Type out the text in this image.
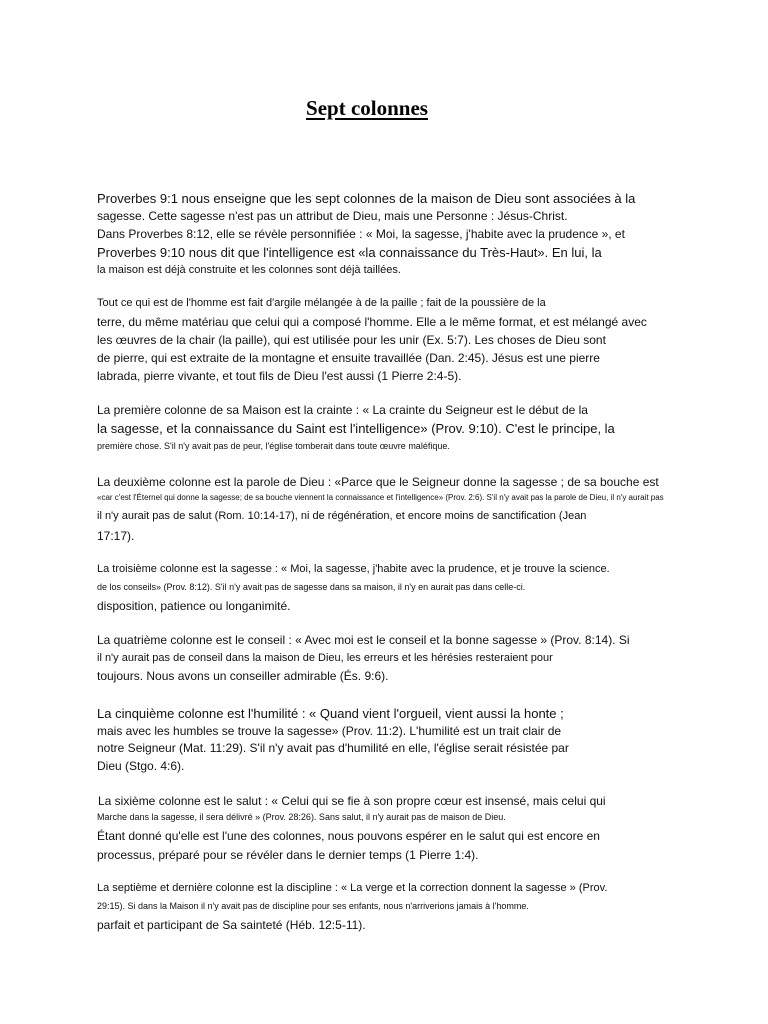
Sept colonnes
Proverbes 9:1 nous enseigne que les sept colonnes de la maison de Dieu sont associées à la
sagesse. Cette sagesse n'est pas un attribut de Dieu, mais une Personne : Jésus-Christ.
Dans Proverbes 8:12, elle se révèle personnifiée : « Moi, la sagesse, j'habite avec la prudence », et
Proverbes 9:10 nous dit que l'intelligence est «la connaissance du Très-Haut». En lui, la
la maison est déjà construite et les colonnes sont déjà taillées.
Tout ce qui est de l'homme est fait d'argile mélangée à de la paille ; fait de la poussière de la
terre, du même matériau que celui qui a composé l'homme. Elle a le même format, et est mélangé avec
les œuvres de la chair (la paille), qui est utilisée pour les unir (Ex. 5:7). Les choses de Dieu sont
de pierre, qui est extraite de la montagne et ensuite travaillée (Dan. 2:45). Jésus est une pierre
labrada, pierre vivante, et tout fils de Dieu l'est aussi (1 Pierre 2:4-5).
La première colonne de sa Maison est la crainte : « La crainte du Seigneur est le début de la
la sagesse, et la connaissance du Saint est l'intelligence» (Prov. 9:10). C'est le principe, la
première chose. S'il n'y avait pas de peur, l'église tomberait dans toute œuvre maléfique.
La deuxième colonne est la parole de Dieu : «Parce que le Seigneur donne la sagesse ; de sa bouche est
«car c'est l'Éternel qui donne la sagesse; de sa bouche viennent la connaissance et l'intelligence» (Prov. 2:6). S'il n'y avait pas la parole de Dieu, il n'y aurait pas
il n'y aurait pas de salut (Rom. 10:14-17), ni de régénération, et encore moins de sanctification (Jean
17:17).
La troisième colonne est la sagesse : « Moi, la sagesse, j'habite avec la prudence, et je trouve la science.
de los conseils» (Prov. 8:12). S'il n'y avait pas de sagesse dans sa maison, il n'y en aurait pas dans celle-ci.
disposition, patience ou longanimité.
La quatrième colonne est le conseil : « Avec moi est le conseil et la bonne sagesse » (Prov. 8:14). Si
il n'y aurait pas de conseil dans la maison de Dieu, les erreurs et les hérésies resteraient pour
toujours. Nous avons un conseiller admirable (És. 9:6).
La cinquième colonne est l'humilité : « Quand vient l'orgueil, vient aussi la honte ;
mais avec les humbles se trouve la sagesse» (Prov. 11:2). L'humilité est un trait clair de
notre Seigneur (Mat. 11:29). S'il n'y avait pas d'humilité en elle, l'église serait résistée par
Dieu (Stgo. 4:6).
La sixième colonne est le salut : « Celui qui se fie à son propre cœur est insensé, mais celui qui
Marche dans la sagesse, il sera délivré » (Prov. 28:26). Sans salut, il n'y aurait pas de maison de Dieu.
Étant donné qu'elle est l'une des colonnes, nous pouvons espérer en le salut qui est encore en
processus, préparé pour se révéler dans le dernier temps (1 Pierre 1:4).
La septième et dernière colonne est la discipline : « La verge et la correction donnent la sagesse » (Prov.
29:15). Si dans la Maison il n'y avait pas de discipline pour ses enfants, nous n'arriverions jamais à l'homme.
parfait et participant de Sa sainteté (Héb. 12:5-11).
